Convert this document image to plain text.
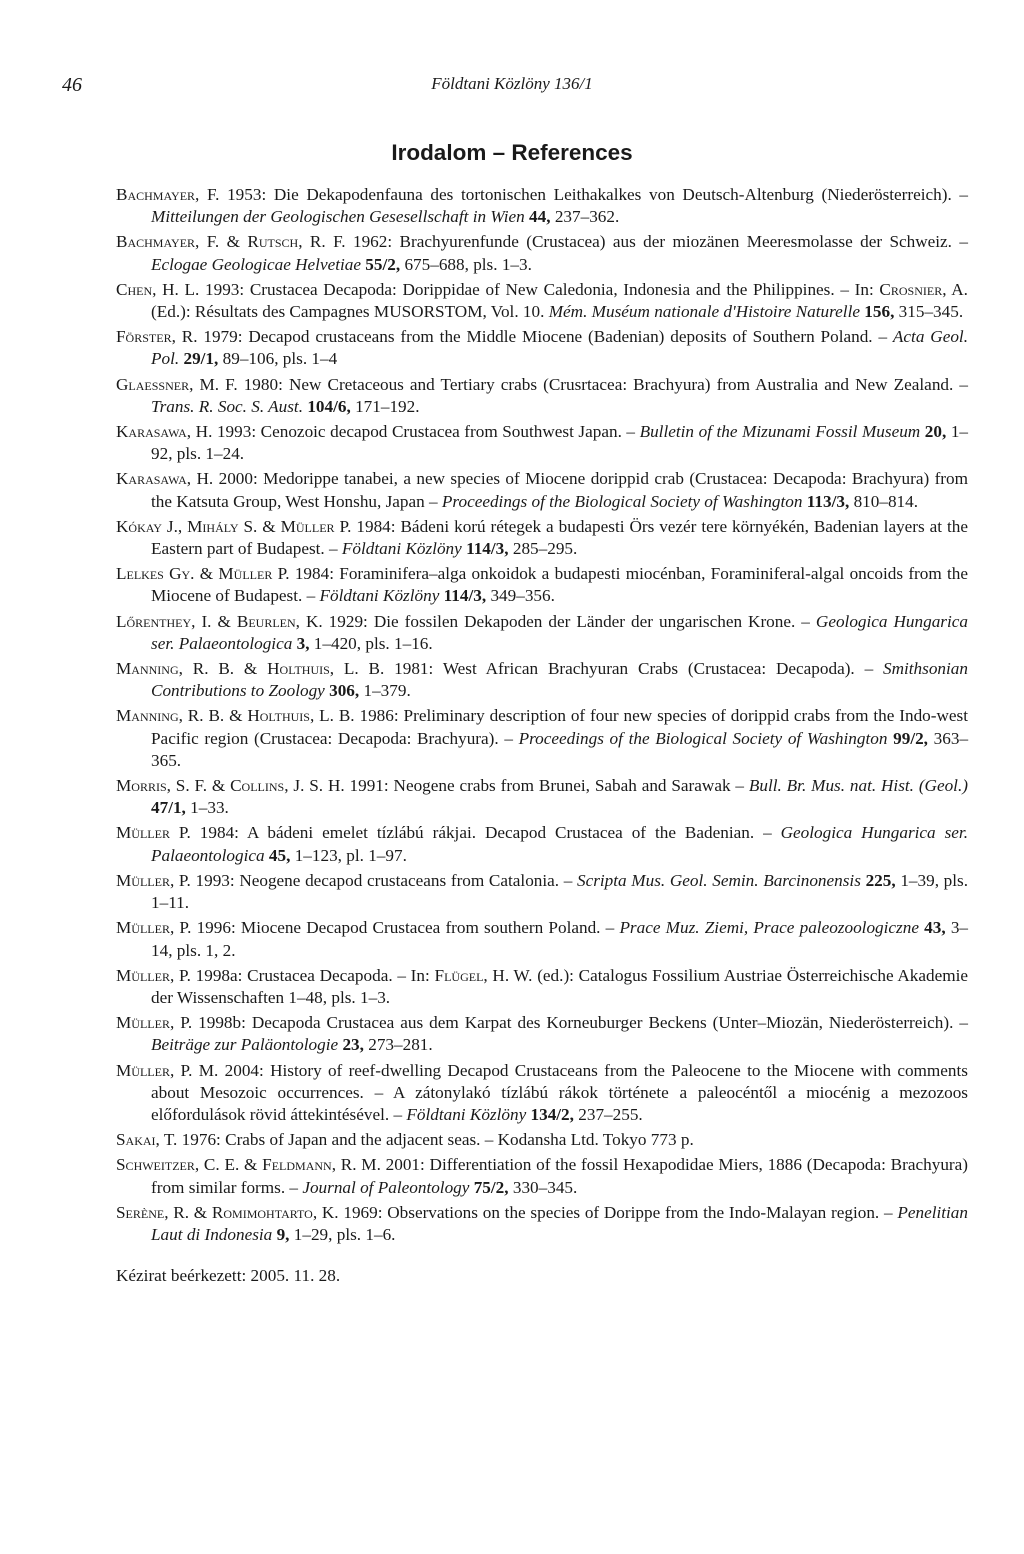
46	Földtani Közlöny 136/1
Irodalom – References
Bachmayer, F. 1953: Die Dekapodenfauna des tortonischen Leithakalkes von Deutsch-Altenburg (Niederösterreich). – Mitteilungen der Geologischen Gesesellschaft in Wien 44, 237–362.
Bachmayer, F. & Rutsch, R. F. 1962: Brachyurenfunde (Crustacea) aus der miozänen Meeresmolasse der Schweiz. – Eclogae Geologicae Helvetiae 55/2, 675–688, pls. 1–3.
Chen, H. L. 1993: Crustacea Decapoda: Dorippidae of New Caledonia, Indonesia and the Philippines. – In: Crosnier, A. (Ed.): Résultats des Campagnes MUSORSTOM, Vol. 10. Mém. Muséum nationale d'Histoire Naturelle 156, 315–345.
Förster, R. 1979: Decapod crustaceans from the Middle Miocene (Badenian) deposits of Southern Poland. – Acta Geol. Pol. 29/1, 89–106, pls. 1–4
Glaessner, M. F. 1980: New Cretaceous and Tertiary crabs (Crusrtacea: Brachyura) from Australia and New Zealand. – Trans. R. Soc. S. Aust. 104/6, 171–192.
Karasawa, H. 1993: Cenozoic decapod Crustacea from Southwest Japan. – Bulletin of the Mizunami Fossil Museum 20, 1–92, pls. 1–24.
Karasawa, H. 2000: Medorippe tanabei, a new species of Miocene dorippid crab (Crustacea: Decapoda: Brachyura) from the Katsuta Group, West Honshu, Japan – Proceedings of the Biological Society of Washington 113/3, 810–814.
Kókay J., Mihály S. & Müller P. 1984: Bádeni korú rétegek a budapesti Örs vezér tere környékén, Badenian layers at the Eastern part of Budapest. – Földtani Közlöny 114/3, 285–295.
Lelkes Gy. & Müller P. 1984: Foraminifera–alga onkoidok a budapesti miocénban, Foraminiferal-algal oncoids from the Miocene of Budapest. – Földtani Közlöny 114/3, 349–356.
Lőrenthey, I. & Beurlen, K. 1929: Die fossilen Dekapoden der Länder der ungarischen Krone. – Geologica Hungarica ser. Palaeontologica 3, 1–420, pls. 1–16.
Manning, R. B. & Holthuis, L. B. 1981: West African Brachyuran Crabs (Crustacea: Decapoda). – Smithsonian Contributions to Zoology 306, 1–379.
Manning, R. B. & Holthuis, L. B. 1986: Preliminary description of four new species of dorippid crabs from the Indo-west Pacific region (Crustacea: Decapoda: Brachyura). – Proceedings of the Biological Society of Washington 99/2, 363–365.
Morris, S. F. & Collins, J. S. H. 1991: Neogene crabs from Brunei, Sabah and Sarawak – Bull. Br. Mus. nat. Hist. (Geol.) 47/1, 1–33.
Müller P. 1984: A bádeni emelet tízlábú rákjai. Decapod Crustacea of the Badenian. – Geologica Hungarica ser. Palaeontologica 45, 1–123, pl. 1–97.
Müller, P. 1993: Neogene decapod crustaceans from Catalonia. – Scripta Mus. Geol. Semin. Barcinonensis 225, 1–39, pls. 1–11.
Müller, P. 1996: Miocene Decapod Crustacea from southern Poland. – Prace Muz. Ziemi, Prace paleozoologiczne 43, 3–14, pls. 1, 2.
Müller, P. 1998a: Crustacea Decapoda. – In: Flügel, H. W. (ed.): Catalogus Fossilium Austriae Österreichische Akademie der Wissenschaften 1–48, pls. 1–3.
Müller, P. 1998b: Decapoda Crustacea aus dem Karpat des Korneuburger Beckens (Unter–Miozän, Niederösterreich). – Beiträge zur Paläontologie 23, 273–281.
Müller, P. M. 2004: History of reef-dwelling Decapod Crustaceans from the Paleocene to the Miocene with comments about Mesozoic occurrences. – A zátonylakó tízlábú rákok története a paleocéntől a miocénig a mezozoos előfordulások rövid áttekintésével. – Földtani Közlöny 134/2, 237–255.
Sakai, T. 1976: Crabs of Japan and the adjacent seas. – Kodansha Ltd. Tokyo 773 p.
Schweitzer, C. E. & Feldmann, R. M. 2001: Differentiation of the fossil Hexapodidae Miers, 1886 (Decapoda: Brachyura) from similar forms. – Journal of Paleontology 75/2, 330–345.
Serène, R. & Romimohtarto, K. 1969: Observations on the species of Dorippe from the Indo-Malayan region. – Penelitian Laut di Indonesia 9, 1–29, pls. 1–6.
Kézirat beérkezett: 2005. 11. 28.
